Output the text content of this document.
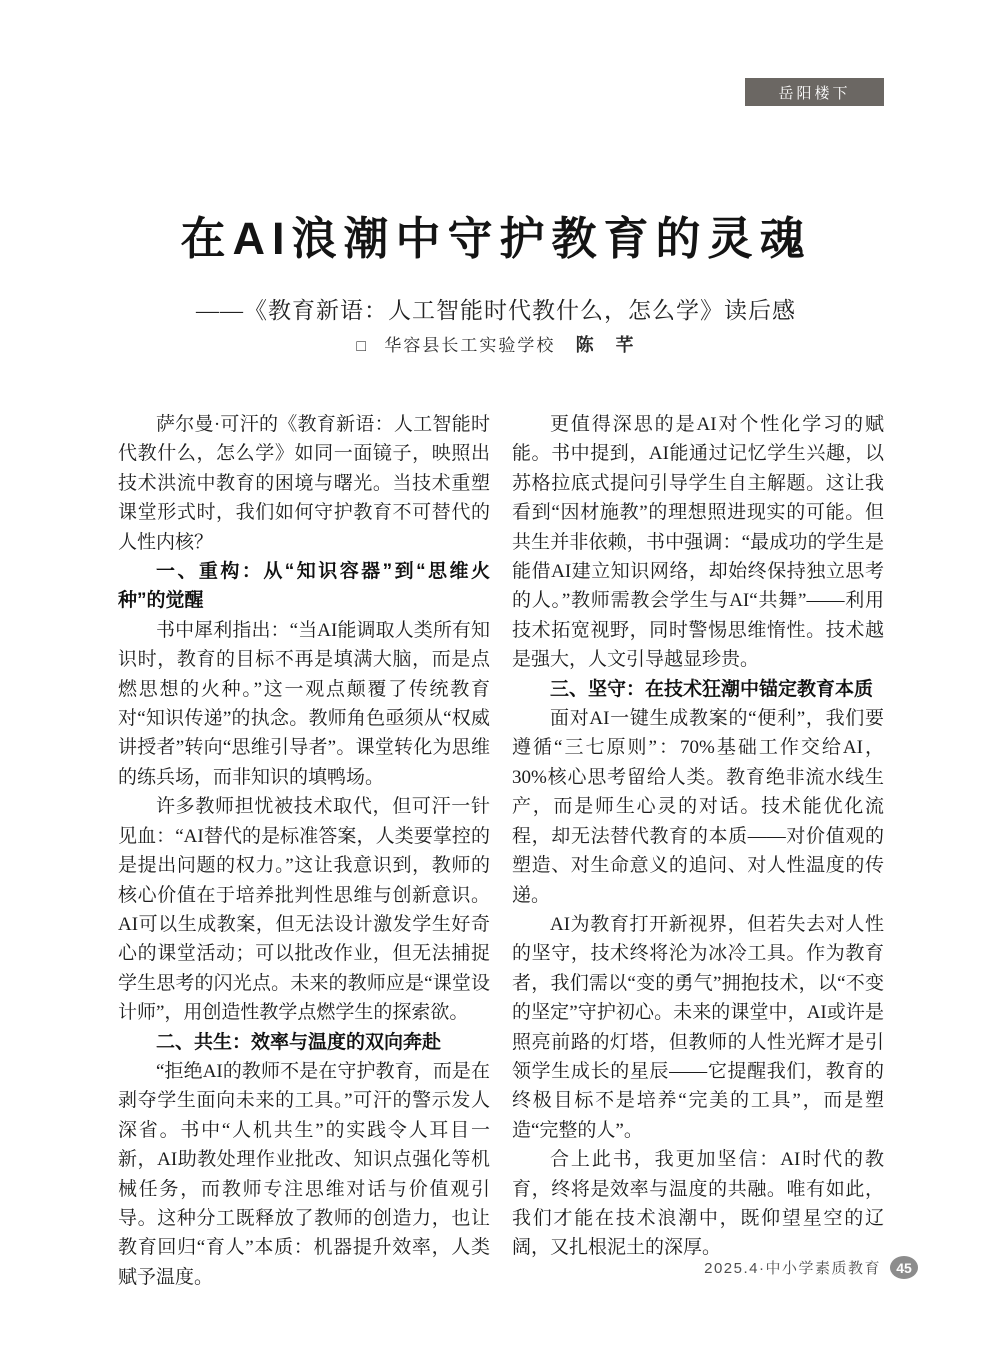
岳阳楼下
在AI浪潮中守护教育的灵魂
——《教育新语：人工智能时代教什么，怎么学》读后感
□ 华容县长工实验学校 陈　芊

萨尔曼·可汗的《教育新语：人工智能时代教什么，怎么学》如同一面镜子，映照出技术洪流中教育的困境与曙光。当技术重塑课堂形式时，我们如何守护教育不可替代的人性内核？

一、重构：从“知识容器”到“思维火种”的觉醒

书中犀利指出：“当AI能调取人类所有知识时，教育的目标不再是填满大脑，而是点燃思想的火种。”这一观点颠覆了传统教育对“知识传递”的执念。教师角色亟须从“权威讲授者”转向“思维引导者”。课堂转化为思维的练兵场，而非知识的填鸭场。

许多教师担忧被技术取代，但可汗一针见血：“AI替代的是标准答案，人类要掌控的是提出问题的权力。”这让我意识到，教师的核心价值在于培养批判性思维与创新意识。AI可以生成教案，但无法设计激发学生好奇心的课堂活动；可以批改作业，但无法捕捉学生思考的闪光点。未来的教师应是“课堂设计师”，用创造性教学点燃学生的探索欲。

二、共生：效率与温度的双向奔赴

“拒绝AI的教师不是在守护教育，而是在剥夺学生面向未来的工具。”可汗的警示发人深省。书中“人机共生”的实践令人耳目一新，AI助教处理作业批改、知识点强化等机械任务，而教师专注思维对话与价值观引导。这种分工既释放了教师的创造力，也让教育回归“育人”本质：机器提升效率，人类赋予温度。

更值得深思的是AI对个性化学习的赋能。书中提到，AI能通过记忆学生兴趣，以苏格拉底式提问引导学生自主解题。这让我看到“因材施教”的理想照进现实的可能。但共生并非依赖，书中强调：“最成功的学生是能借AI建立知识网络，却始终保持独立思考的人。”教师需教会学生与AI“共舞”——利用技术拓宽视野，同时警惕思维惰性。技术越是强大，人文引导越显珍贵。

三、坚守：在技术狂潮中锚定教育本质

面对AI一键生成教案的“便利”，我们要遵循“三七原则”：70%基础工作交给AI，30%核心思考留给人类。教育绝非流水线生产，而是师生心灵的对话。技术能优化流程，却无法替代教育的本质——对价值观的塑造、对生命意义的追问、对人性温度的传递。

AI为教育打开新视界，但若失去对人性的坚守，技术终将沦为冰冷工具。作为教育者，我们需以“变的勇气”拥抱技术，以“不变的坚定”守护初心。未来的课堂中，AI或许是照亮前路的灯塔，但教师的人性光辉才是引领学生成长的星辰——它提醒我们，教育的终极目标不是培养“完美的工具”，而是塑造“完整的人”。

合上此书，我更加坚信：AI时代的教育，终将是效率与温度的共融。唯有如此，我们才能在技术浪潮中，既仰望星空的辽阔，又扎根泥土的深厚。

2025.4·中小学素质教育	45
